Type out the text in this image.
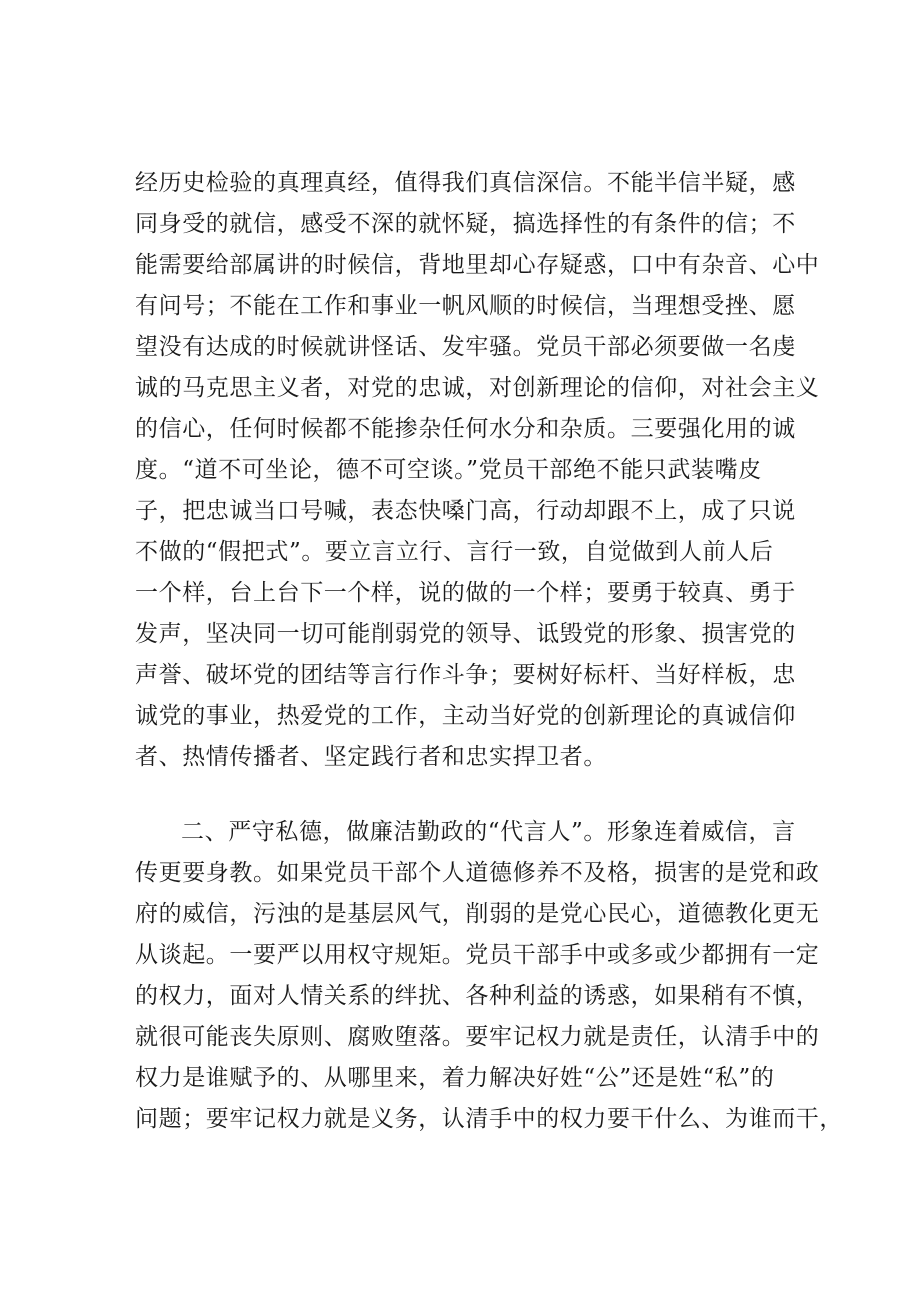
经历史检验的真理真经，值得我们真信深信。不能半信半疑，感
同身受的就信，感受不深的就怀疑，搞选择性的有条件的信；不
能需要给部属讲的时候信，背地里却心存疑惑，口中有杂音、心中
有问号；不能在工作和事业一帆风顺的时候信，当理想受挫、愿
望没有达成的时候就讲怪话、发牢骚。党员干部必须要做一名虔
诚的马克思主义者，对党的忠诚，对创新理论的信仰，对社会主义
的信心，任何时候都不能掺杂任何水分和杂质。三要强化用的诚
度。“道不可坐论，德不可空谈。”党员干部绝不能只武装嘴皮
子，把忠诚当口号喊，表态快嗓门高，行动却跟不上，成了只说
不做的“假把式”。要立言立行、言行一致，自觉做到人前人后
一个样，台上台下一个样，说的做的一个样；要勇于较真、勇于
发声，坚决同一切可能削弱党的领导、诋毁党的形象、损害党的
声誉、破坏党的团结等言行作斗争；要树好标杆、当好样板，忠
诚党的事业，热爱党的工作，主动当好党的创新理论的真诚信仰
者、热情传播者、坚定践行者和忠实捍卫者。
二、严守私德，做廉洁勤政的“代言人”。形象连着威信，言
传更要身教。如果党员干部个人道德修养不及格，损害的是党和政
府的威信，污浊的是基层风气，削弱的是党心民心，道德教化更无
从谈起。一要严以用权守规矩。党员干部手中或多或少都拥有一定
的权力，面对人情关系的绊扰、各种利益的诱惑，如果稍有不慎，
就很可能丧失原则、腐败堕落。要牢记权力就是责任，认清手中的
权力是谁赋予的、从哪里来，着力解决好姓“公”还是姓“私”的
问题；要牢记权力就是义务，认清手中的权力要干什么、为谁而干，
